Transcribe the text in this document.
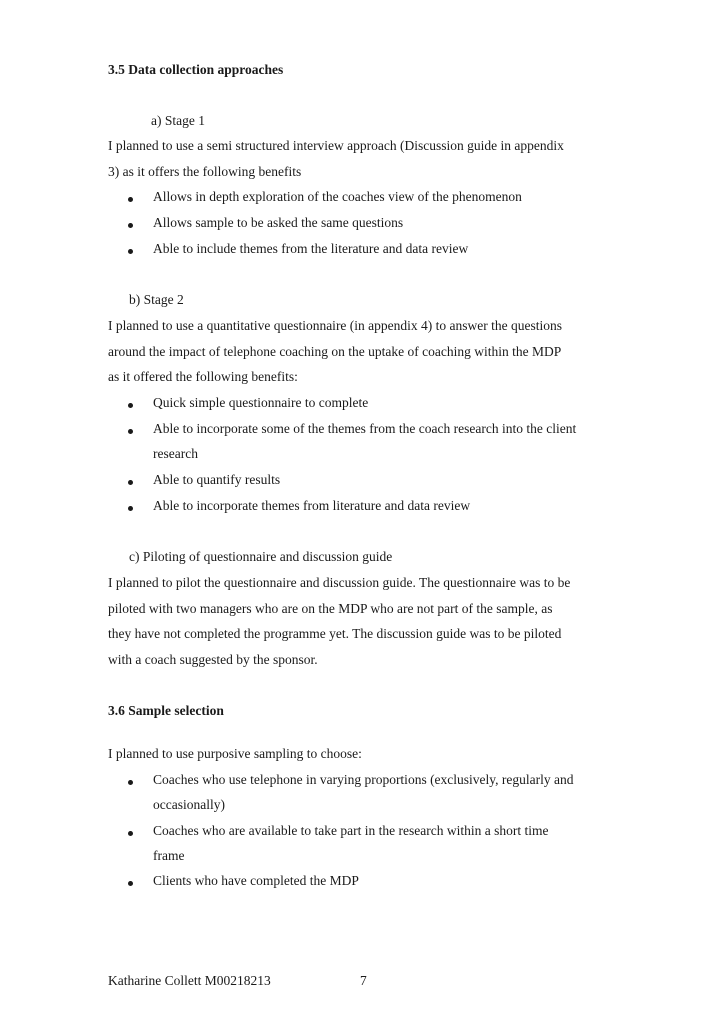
3.5 Data collection approaches
a) Stage 1
I planned to use a semi structured interview approach (Discussion guide in appendix
3) as it offers the following benefits
Allows in depth exploration of the coaches view of the phenomenon
Allows sample to be asked the same questions
Able to include themes from the literature and data review
b) Stage 2
I planned to use a quantitative questionnaire (in appendix 4) to answer the questions
around the impact of telephone coaching on the uptake of coaching within the MDP
as it offered the following benefits:
Quick simple questionnaire to complete
Able to incorporate some of the themes from the coach research into the client
research
Able to quantify results
Able to incorporate themes from literature and data review
c) Piloting of questionnaire and discussion guide
I planned to pilot the questionnaire and discussion guide. The questionnaire was to be
piloted with two managers who are on the MDP who are not part of the sample, as
they have not completed the programme yet. The discussion guide was to be piloted
with a coach suggested by the sponsor.
3.6 Sample selection
I planned to use purposive sampling to choose:
Coaches who use telephone in varying proportions (exclusively, regularly and
occasionally)
Coaches who are available to take part in the research within a short time
frame
Clients who have completed the MDP
Katharine Collett M00218213	7
